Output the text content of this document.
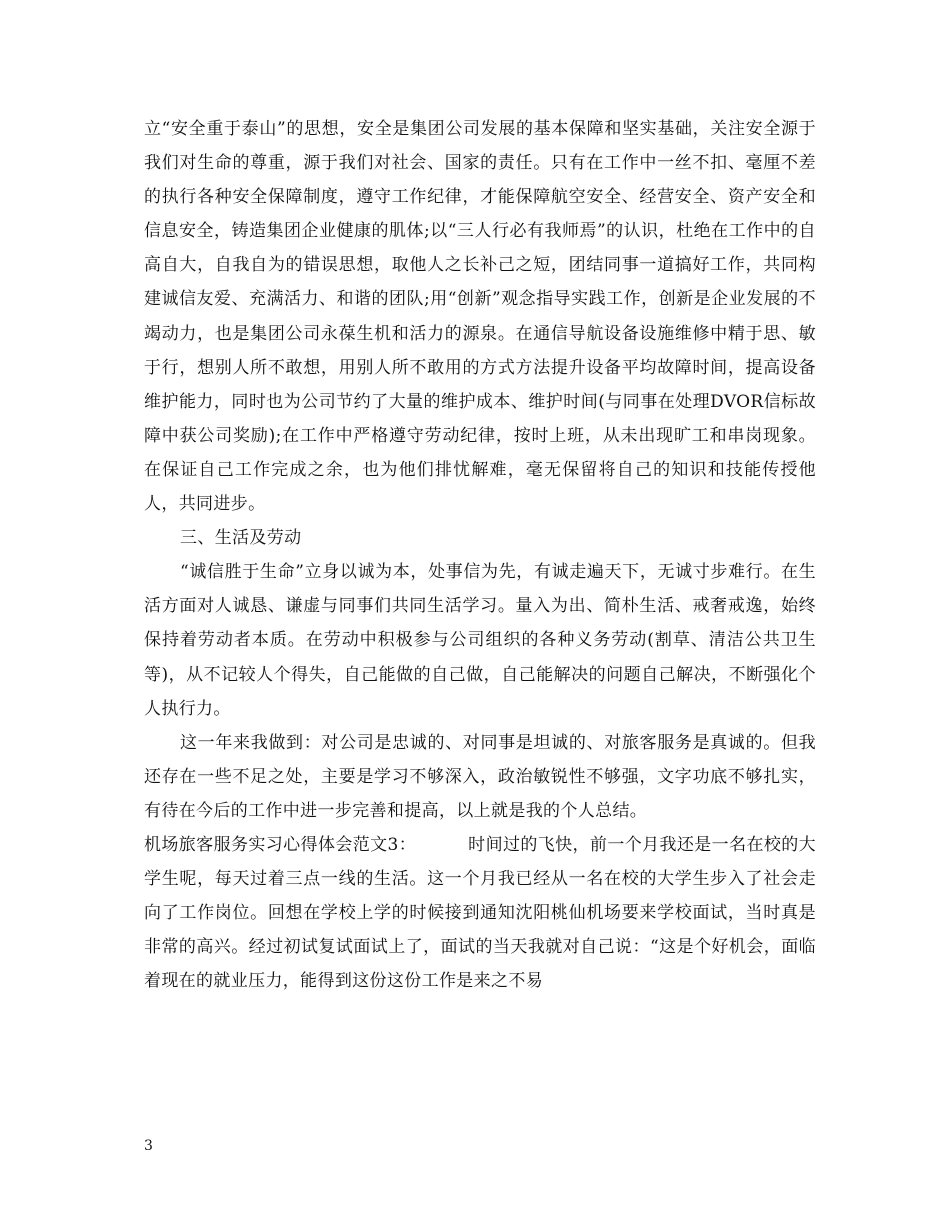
立“安全重于泰山”的思想，安全是集团公司发展的基本保障和坚实基础，关注安全源于我们对生命的尊重，源于我们对社会、国家的责任。只有在工作中一丝不扣、毫厘不差的执行各种安全保障制度，遵守工作纪律，才能保障航空安全、经营安全、资产安全和信息安全，铸造集团企业健康的肌体;以“三人行必有我师焉”的认识，杜绝在工作中的自高自大，自我自为的错误思想，取他人之长补己之短，团结同事一道搞好工作，共同构建诚信友爱、充满活力、和谐的团队;用“创新”观念指导实践工作，创新是企业发展的不竭动力，也是集团公司永葆生机和活力的源泉。在通信导航设备设施维修中精于思、敏于行，想别人所不敢想，用别人所不敢用的方式方法提升设备平均故障时间，提高设备维护能力，同时也为公司节约了大量的维护成本、维护时间(与同事在处理DVOR信标故障中获公司奖励);在工作中严格遵守劳动纪律，按时上班，从未出现旷工和串岗现象。在保证自己工作完成之余，也为他们排忧解难，毫无保留将自己的知识和技能传授他人，共同进步。

三、生活及劳动

“诚信胜于生命”立身以诚为本，处事信为先，有诚走遍天下，无诚寸步难行。在生活方面对人诚恳、谦虚与同事们共同生活学习。量入为出、简朴生活、戒奢戒逸，始终保持着劳动者本质。在劳动中积极参与公司组织的各种义务劳动(割草、清洁公共卫生等)，从不记较人个得失，自己能做的自己做，自己能解决的问题自己解决，不断强化个人执行力。

这一年来我做到：对公司是忠诚的、对同事是坦诚的、对旅客服务是真诚的。但我还存在一些不足之处，主要是学习不够深入，政治敏锐性不够强，文字功底不够扎实，有待在今后的工作中进一步完善和提高，以上就是我的个人总结。

机场旅客服务实习心得体会范文3：	时间过的飞快，前一个月我还是一名在校的大学生呢，每天过着三点一线的生活。这一个月我已经从一名在校的大学生步入了社会走向了工作岗位。回想在学校上学的时候接到通知沈阳桃仙机场要来学校面试，当时真是非常的高兴。经过初试复试面试上了，面试的当天我就对自己说：“这是个好机会，面临着现在的就业压力，能得到这份这份工作是来之不易

3
